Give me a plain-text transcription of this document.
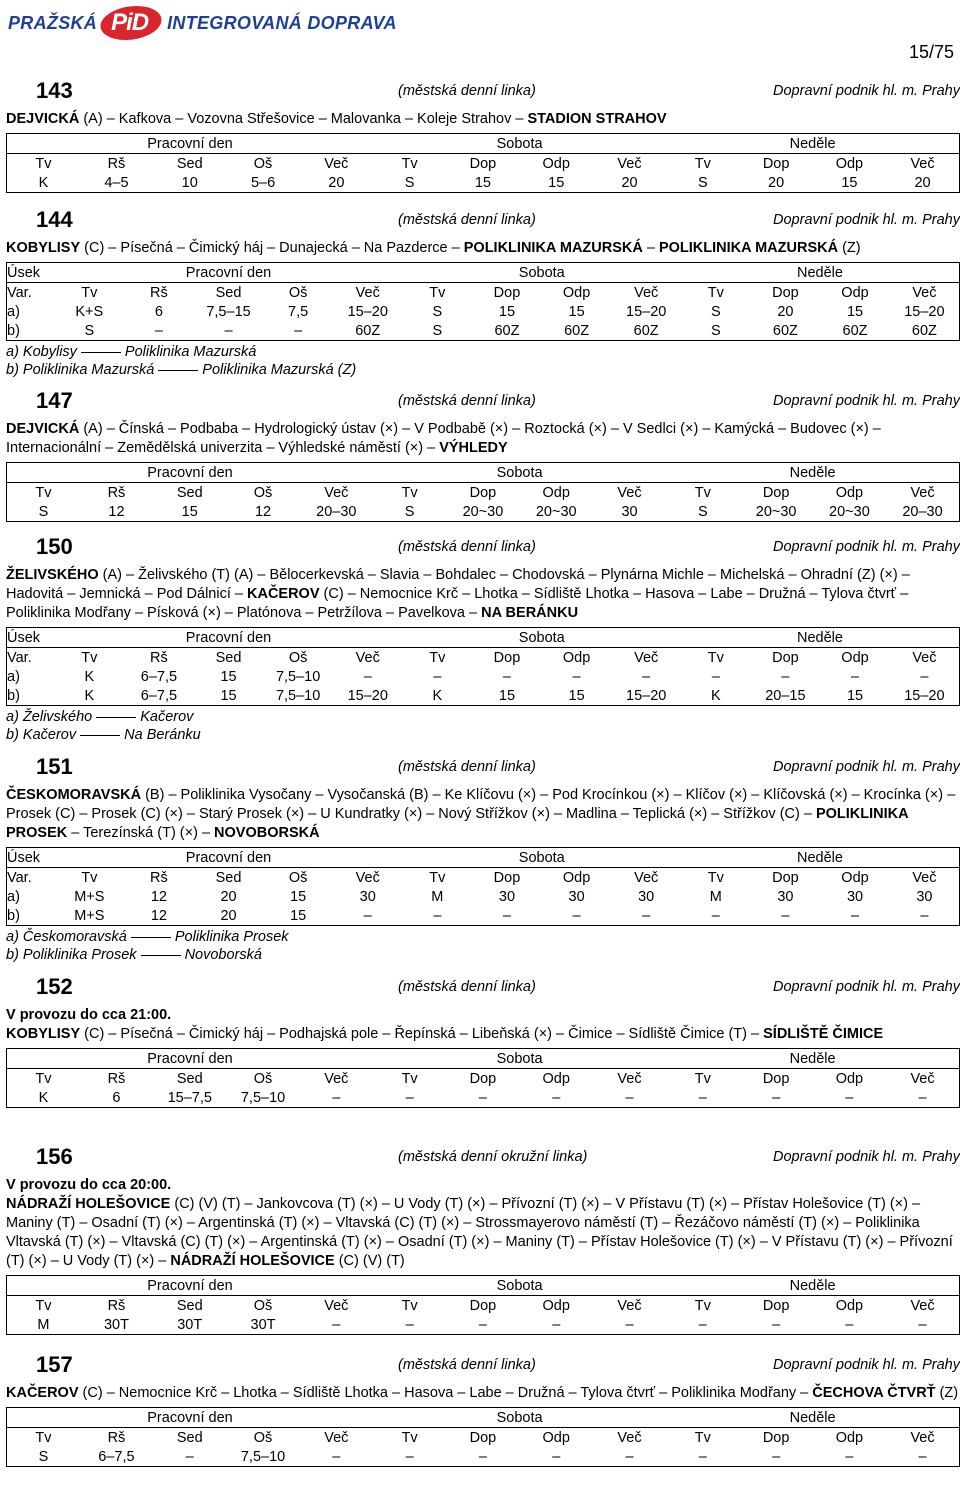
PRAŽSKÁ PiD INTEGROVANÁ DOPRAVA
15/75
143	(městská denní linka)	Dopravní podnik hl. m. Prahy
DEJVICKÁ (A) – Kafkova – Vozovna Střešovice – Malovanka – Koleje Strahov – STADION STRAHOV
Pracovní den					Sobota				Neděle			
Tv	Rš	Sed	Oš	Več	Tv	Dop	Odp	Več	Tv	Dop	Odp	Več
K	4–5	10	5–6	20	S	15	15	20	S	20	15	20
144	(městská denní linka)	Dopravní podnik hl. m. Prahy
KOBYLISY (C) – Písečná – Čimický háj – Dunajecká – Na Pazderce – POLIKLINIKA MAZURSKÁ – POLIKLINIKA MAZURSKÁ (Z)
Úsek	Pracovní den					Sobota				Neděle			
Var.	Tv	Rš	Sed	Oš	Več	Tv	Dop	Odp	Več	Tv	Dop	Odp	Več
a)	K+S	6	7,5–15	7,5	15–20	S	15	15	15–20	S	20	15	15–20
b)	S	–	–	–	60Z	S	60Z	60Z	60Z	S	60Z	60Z	60Z
a) Kobylisy	Poliklinika Mazurská
b) Poliklinika Mazurská	Poliklinika Mazurská (Z)
147	(městská denní linka)	Dopravní podnik hl. m. Prahy
DEJVICKÁ (A) – Čínská – Podbaba – Hydrologický ústav (×) – V Podbabě (×) – Roztocká (×) – V Sedlci (×) – Kamýcká – Budovec (×) – Internacionální – Zemědělská univerzita – Výhledské náměstí (×) – VÝHLEDY
Pracovní den					Sobota				Neděle			
Tv	Rš	Sed	Oš	Več	Tv	Dop	Odp	Več	Tv	Dop	Odp	Več
S	12	15	12	20–30	S	20~30	20~30	30	S	20~30	20~30	20–30
150	(městská denní linka)	Dopravní podnik hl. m. Prahy
ŽELIVSKÉHO (A) – Želivského (T) (A) – Bělocerkevská – Slavia – Bohdalec – Chodovská – Plynárna Michle – Michelská – Ohradní (Z) (×) – Hadovitá – Jemnická – Pod Dálnicí – KAČEROV (C) – Nemocnice Krč – Lhotka – Sídliště Lhotka – Hasova – Labe – Družná – Tylova čtvrť – Poliklinika Modřany – Písková (×) – Platónova – Petržílova – Pavelkova – NA BERÁNKU
Úsek	Pracovní den					Sobota				Neděle			
Var.	Tv	Rš	Sed	Oš	Več	Tv	Dop	Odp	Več	Tv	Dop	Odp	Več
a)	K	6–7,5	15	7,5–10	–	–	–	–	–	–	–	–	–
b)	K	6–7,5	15	7,5–10	15–20	K	15	15	15–20	K	20–15	15	15–20
a) Želivského	Kačerov
b) Kačerov	Na Beránku
151	(městská denní linka)	Dopravní podnik hl. m. Prahy
ČESKOMORAVSKÁ (B) – Poliklinika Vysočany – Vysočanská (B) – Ke Klíčovu (×) – Pod Krocínkou (×) – Klíčov (×) – Klíčovská (×) – Krocínka (×) – Prosek (C) – Prosek (C) (×) – Starý Prosek (×) – U Kundratky (×) – Nový Střížkov (×) – Madlina – Teplická (×) – Střížkov (C) – POLIKLINIKA PROSEK – Terezínská (T) (×) – NOVOBORSKÁ
Úsek	Pracovní den					Sobota				Neděle			
Var.	Tv	Rš	Sed	Oš	Več	Tv	Dop	Odp	Več	Tv	Dop	Odp	Več
a)	M+S	12	20	15	30	M	30	30	30	M	30	30	30
b)	M+S	12	20	15	–	–	–	–	–	–	–	–	–
a) Českomoravská	Poliklinika Prosek
b) Poliklinika Prosek	Novoborská
152	(městská denní linka)	Dopravní podnik hl. m. Prahy
V provozu do cca 21:00.
KOBYLISY (C) – Písečná – Čimický háj – Podhajská pole – Řepínská – Libeňská (×) – Čimice – Sídliště Čimice (T) – SÍDLIŠTĚ ČIMICE
Pracovní den					Sobota				Neděle			
Tv	Rš	Sed	Oš	Več	Tv	Dop	Odp	Več	Tv	Dop	Odp	Več
K	6	15–7,5	7,5–10	–	–	–	–	–	–	–	–	–
156	(městská denní okružní linka)	Dopravní podnik hl. m. Prahy
V provozu do cca 20:00.
NÁDRAŽÍ HOLEŠOVICE (C) (V) (T) – Jankovcova (T) (×) – U Vody (T) (×) – Přívozní (T) (×) – V Přístavu (T) (×) – Přístav Holešovice (T) (×) – Maniny (T) – Osadní (T) (×) – Argentinská (T) (×) – Vltavská (C) (T) (×) – Strossmayerovo náměstí (T) – Řezáčovo náměstí (T) (×) – Poliklinika Vltavská (T) (×) – Vltavská (C) (T) (×) – Argentinská (T) (×) – Osadní (T) (×) – Maniny (T) – Přístav Holešovice (T) (×) – V Přístavu (T) (×) – Přívozní (T) (×) – U Vody (T) (×) – NÁDRAŽÍ HOLEŠOVICE (C) (V) (T)
Pracovní den					Sobota				Neděle			
Tv	Rš	Sed	Oš	Več	Tv	Dop	Odp	Več	Tv	Dop	Odp	Več
M	30T	30T	30T	–	–	–	–	–	–	–	–	–
157	(městská denní linka)	Dopravní podnik hl. m. Prahy
KAČEROV (C) – Nemocnice Krč – Lhotka – Sídliště Lhotka – Hasova – Labe – Družná – Tylova čtvrť – Poliklinika Modřany – ČECHOVA ČTVRŤ (Z)
Pracovní den					Sobota				Neděle			
Tv	Rš	Sed	Oš	Več	Tv	Dop	Odp	Več	Tv	Dop	Odp	Več
S	6–7,5	–	7,5–10	–	–	–	–	–	–	–	–	–
